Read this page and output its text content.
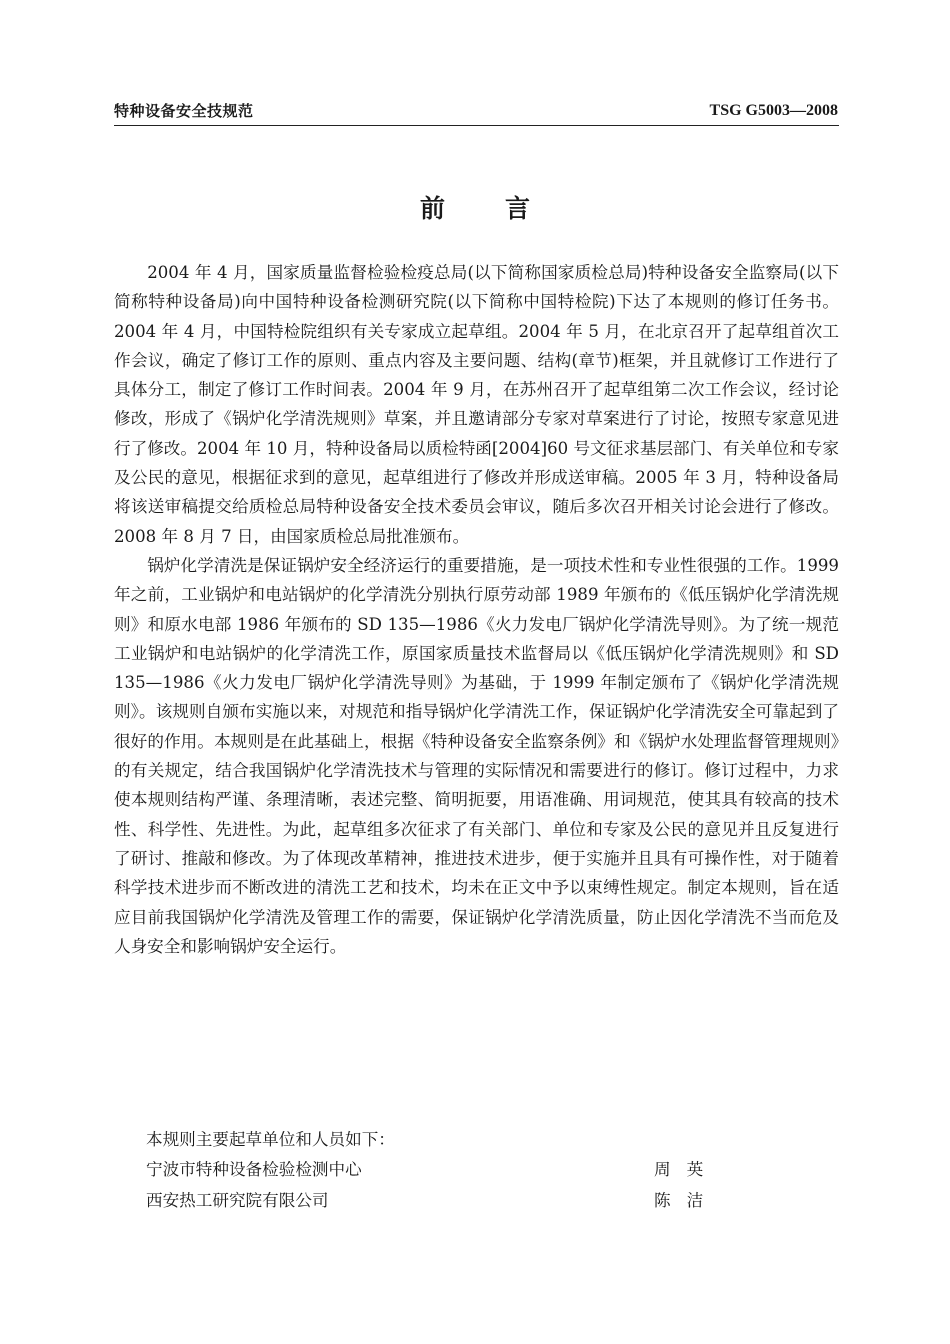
特种设备安全技规范	TSG G5003—2008
前言

2004 年 4 月，国家质量监督检验检疫总局(以下简称国家质检总局)特种设备安全监察局(以下简称特种设备局)向中国特种设备检测研究院(以下简称中国特检院)下达了本规则的修订任务书。2004 年 4 月，中国特检院组织有关专家成立起草组。2004 年 5 月，在北京召开了起草组首次工作会议，确定了修订工作的原则、重点内容及主要问题、结构(章节)框架，并且就修订工作进行了具体分工，制定了修订工作时间表。2004 年 9 月，在苏州召开了起草组第二次工作会议，经讨论修改，形成了《锅炉化学清洗规则》草案，并且邀请部分专家对草案进行了讨论，按照专家意见进行了修改。2004 年 10 月，特种设备局以质检特函[2004]60 号文征求基层部门、有关单位和专家及公民的意见，根据征求到的意见，起草组进行了修改并形成送审稿。2005 年 3 月，特种设备局将该送审稿提交给质检总局特种设备安全技术委员会审议，随后多次召开相关讨论会进行了修改。2008 年 8 月 7 日，由国家质检总局批准颁布。

锅炉化学清洗是保证锅炉安全经济运行的重要措施，是一项技术性和专业性很强的工作。1999 年之前，工业锅炉和电站锅炉的化学清洗分别执行原劳动部 1989 年颁布的《低压锅炉化学清洗规则》和原水电部 1986 年颁布的 SD 135—1986《火力发电厂锅炉化学清洗导则》。为了统一规范工业锅炉和电站锅炉的化学清洗工作，原国家质量技术监督局以《低压锅炉化学清洗规则》和 SD 135—1986《火力发电厂锅炉化学清洗导则》为基础，于 1999 年制定颁布了《锅炉化学清洗规则》。该规则自颁布实施以来，对规范和指导锅炉化学清洗工作，保证锅炉化学清洗安全可靠起到了很好的作用。本规则是在此基础上，根据《特种设备安全监察条例》和《锅炉水处理监督管理规则》的有关规定，结合我国锅炉化学清洗技术与管理的实际情况和需要进行的修订。修订过程中，力求使本规则结构严谨、条理清晰，表述完整、简明扼要，用语准确、用词规范，使其具有较高的技术性、科学性、先进性。为此，起草组多次征求了有关部门、单位和专家及公民的意见并且反复进行了研讨、推敲和修改。为了体现改革精神，推进技术进步，便于实施并且具有可操作性，对于随着科学技术进步而不断改进的清洗工艺和技术，均未在正文中予以束缚性规定。制定本规则，旨在适应目前我国锅炉化学清洗及管理工作的需要，保证锅炉化学清洗质量，防止因化学清洗不当而危及人身安全和影响锅炉安全运行。

本规则主要起草单位和人员如下：
宁波市特种设备检验检测中心	周英
西安热工研究院有限公司	陈洁
